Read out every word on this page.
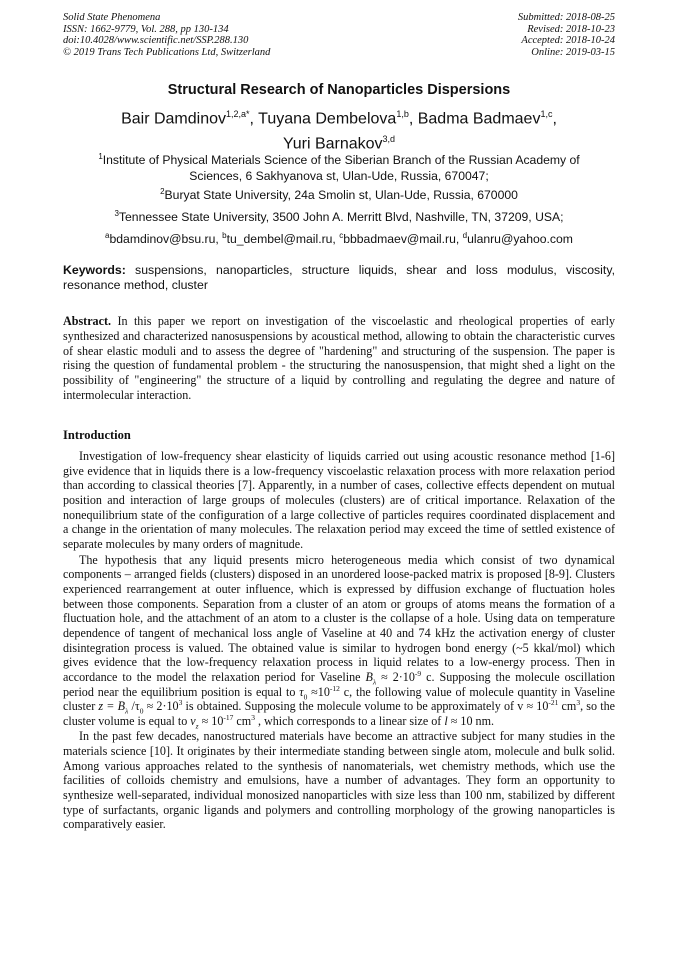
Solid State Phenomena
ISSN: 1662-9779, Vol. 288, pp 130-134
doi:10.4028/www.scientific.net/SSP.288.130
© 2019 Trans Tech Publications Ltd, Switzerland
Submitted: 2018-08-25
Revised: 2018-10-23
Accepted: 2018-10-24
Online: 2019-03-15
Structural Research of Nanoparticles Dispersions
Bair Damdinov$^{1,2,a*}$, Tuyana Dembelova$^{1,b}$, Badma Badmaev$^{1,c}$,
Yuri Barnakov$^{3,d}$
$^1$Institute of Physical Materials Science of the Siberian Branch of the Russian Academy of Sciences, 6 Sakhyanova st, Ulan-Ude, Russia, 670047;
$^2$Buryat State University, 24a Smolin st, Ulan-Ude, Russia, 670000
$^3$Tennessee State University, 3500 John A. Merritt Blvd, Nashville, TN, 37209, USA;
$^a$bdamdinov@bsu.ru, $^b$tu_dembel@mail.ru, $^c$bbbadmaev@mail.ru, $^d$ulanru@yahoo.com
Keywords: suspensions, nanoparticles, structure liquids, shear and loss modulus, viscosity, resonance method, cluster
Abstract. In this paper we report on investigation of the viscoelastic and rheological properties of early synthesized and characterized nanosuspensions by acoustical method, allowing to obtain the characteristic curves of shear elastic moduli and to assess the degree of "hardening" and structuring of the suspension. The paper is rising the question of fundamental problem - the structuring the nanosuspension, that might shed a light on the possibility of "engineering" the structure of a liquid by controlling and regulating the degree and nature of intermolecular interaction.
Introduction

Investigation of low-frequency shear elasticity of liquids carried out using acoustic resonance method [1-6] give evidence that in liquids there is a low-frequency viscoelastic relaxation process with more relaxation period than according to classical theories [7]. Apparently, in a number of cases, collective effects dependent on mutual position and interaction of large groups of molecules (clusters) are of critical importance. Relaxation of the nonequilibrium state of the configuration of a large collective of particles requires coordinated displacement and a change in the orientation of many molecules. The relaxation period may exceed the time of settled existence of separate molecules by many orders of magnitude.

The hypothesis that any liquid presents micro heterogeneous media which consist of two dynamical components – arranged fields (clusters) disposed in an unordered loose-packed matrix is proposed [8-9]. Clusters experienced rearrangement at outer influence, which is expressed by diffusion exchange of fluctuation holes between those components. Separation from a cluster of an atom or groups of atoms means the formation of a fluctuation hole, and the attachment of an atom to a cluster is the collapse of a hole. Using data on temperature dependence of tangent of mechanical loss angle of Vaseline at 40 and 74 kHz the activation energy of cluster disintegration process is valued. The obtained value is similar to hydrogen bond energy (~5 kkal/mol) which gives evidence that the low-frequency relaxation process in liquid relates to a low-energy process. Then in accordance to the model the relaxation period for Vaseline $B_\lambda \approx 2\cdot 10^{-9}$ c. Supposing the molecule oscillation period near the equilibrium position is equal to $\tau_0 \approx 10^{-12}$ c, the following value of molecule quantity in Vaseline cluster $z = B_\lambda$ $/\tau_0 \approx 2\cdot 10^3$ is obtained. Supposing the molecule volume to be approximately of $v \approx 10^{-21}$ $cm^3$, so the cluster volume is equal to $v_z \approx 10^{-17}$ $cm^3$ , which corresponds to a linear size of l ≈ 10 nm.

In the past few decades, nanostructured materials have become an attractive subject for many studies in the materials science [10]. It originates by their intermediate standing between single atom, molecule and bulk solid. Among various approaches related to the synthesis of nanomaterials, wet chemistry methods, which use the facilities of colloids chemistry and emulsions, have a number of advantages. They form an opportunity to synthesize well-separated, individual monosized nanoparticles with size less than 100 nm, stabilized by different type of surfactants, organic ligands and polymers and controlling morphology of the growing nanoparticles is comparatively easier.
